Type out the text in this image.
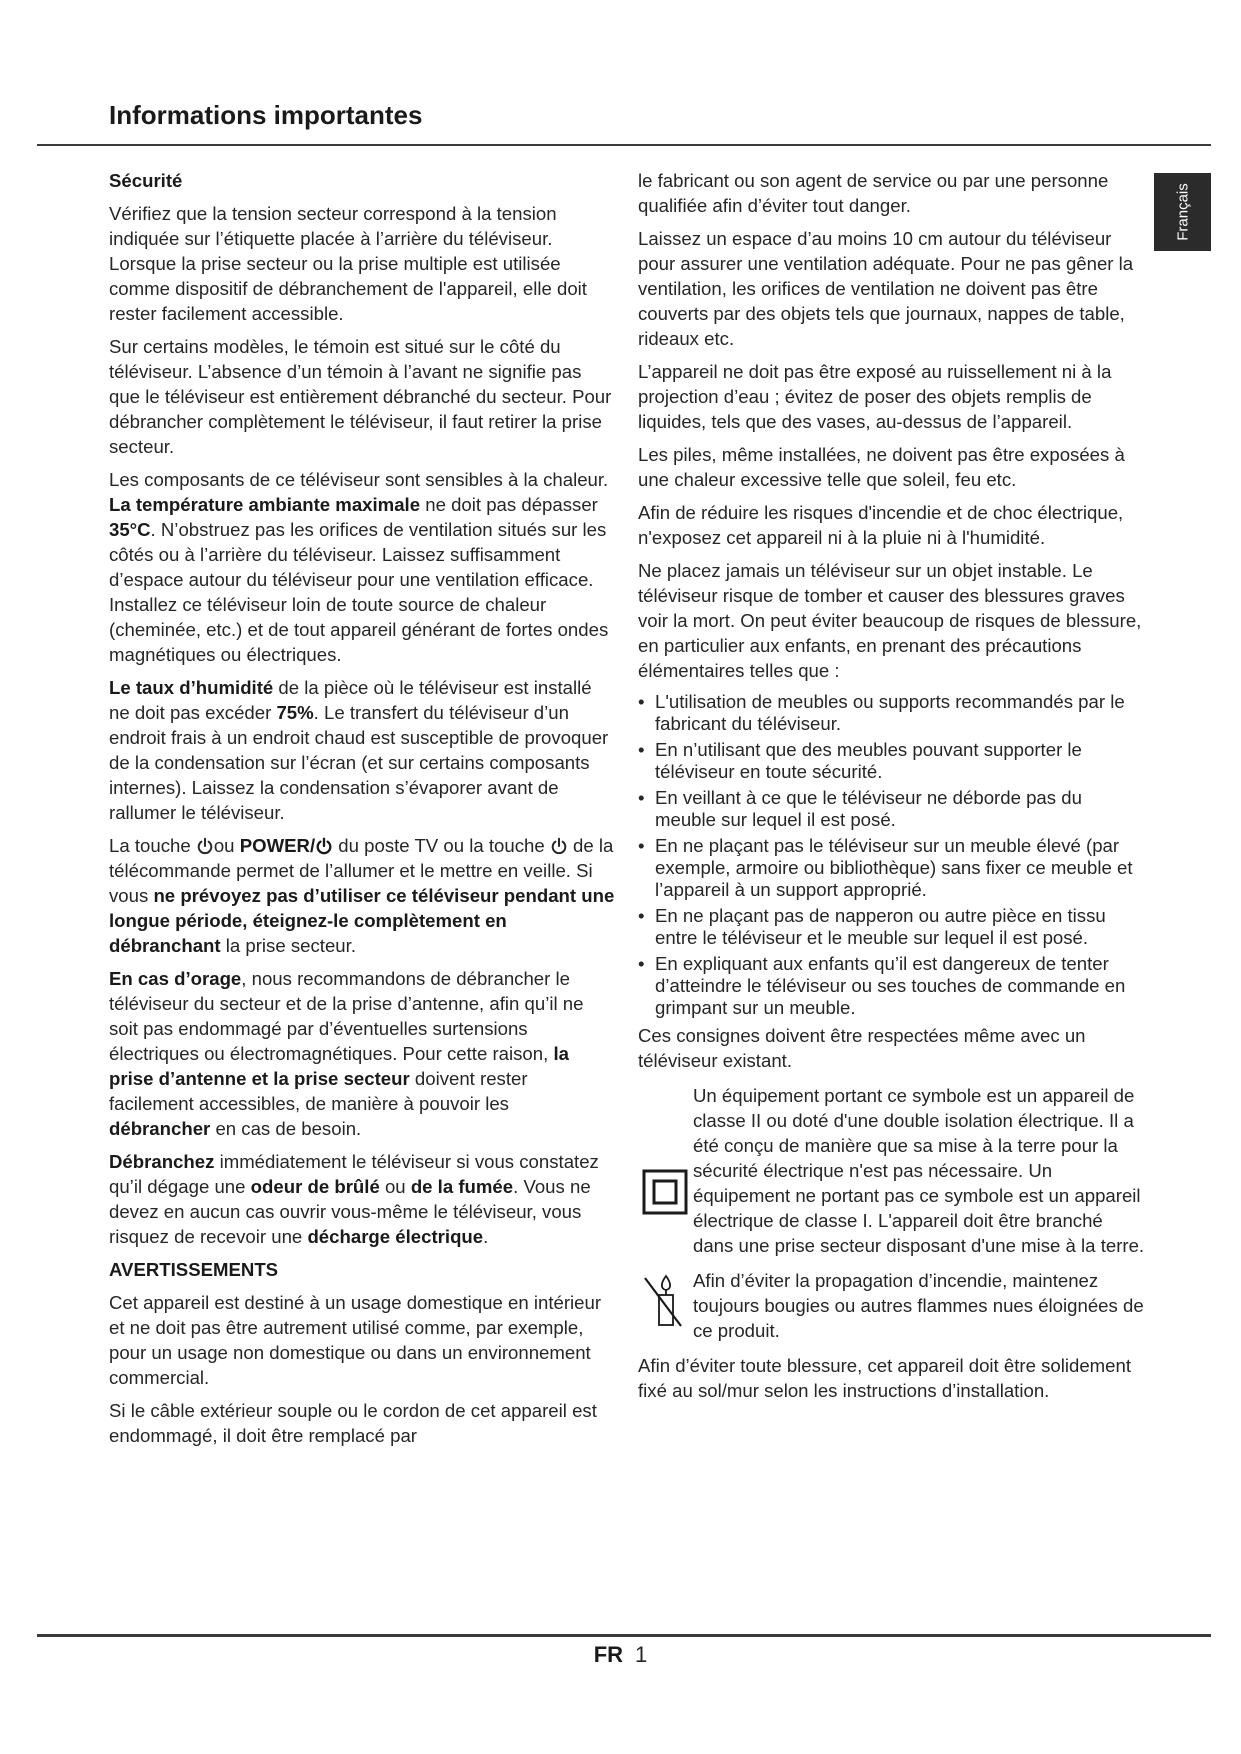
Informations importantes
Français
Sécurité

Vérifiez que la tension secteur correspond à la tension indiquée sur l’étiquette placée à l’arrière du téléviseur. Lorsque la prise secteur ou la prise multiple est utilisée comme dispositif de débranchement de l'appareil, elle doit rester facilement accessible.

Sur certains modèles, le témoin est situé sur le côté du téléviseur. L’absence d’un témoin à l’avant ne signifie pas que le téléviseur est entièrement débranché du secteur. Pour débrancher complètement le téléviseur, il faut retirer la prise secteur.

Les composants de ce téléviseur sont sensibles à la chaleur. La température ambiante maximale ne doit pas dépasser 35°C. N’obstruez pas les orifices de ventilation situés sur les côtés ou à l’arrière du téléviseur. Laissez suffisamment d’espace autour du téléviseur pour une ventilation efficace. Installez ce téléviseur loin de toute source de chaleur (cheminée, etc.) et de tout appareil générant de fortes ondes magnétiques ou électriques.

Le taux d’humidité de la pièce où le téléviseur est installé ne doit pas excéder 75%. Le transfert du téléviseur d’un endroit frais à un endroit chaud est susceptible de provoquer de la condensation sur l’écran (et sur certains composants internes). Laissez la condensation s’évaporer avant de rallumer le téléviseur.

La touche ou POWER/ du poste TV ou la touche  de la télécommande permet de l’allumer et le mettre en veille. Si vous ne prévoyez pas d’utiliser ce téléviseur pendant une longue période, éteignez-le complètement en débranchant la prise secteur.

En cas d’orage, nous recommandons de débrancher le téléviseur du secteur et de la prise d’antenne, afin qu’il ne soit pas endommagé par d’éventuelles surtensions électriques ou électromagnétiques. Pour cette raison, la prise d’antenne et la prise secteur doivent rester facilement accessibles, de manière à pouvoir les débrancher en cas de besoin.

Débranchez immédiatement le téléviseur si vous constatez qu’il dégage une odeur de brûlé ou de la fumée. Vous ne devez en aucun cas ouvrir vous-même le téléviseur, vous risquez de recevoir une décharge électrique.

AVERTISSEMENTS

Cet appareil est destiné à un usage domestique en intérieur et ne doit pas être autrement utilisé comme, par exemple, pour un usage non domestique ou dans un environnement commercial.

Si le câble extérieur souple ou le cordon de cet appareil est endommagé, il doit être remplacé par

le fabricant ou son agent de service ou par une personne qualifiée afin d’éviter tout danger.

Laissez un espace d’au moins 10 cm autour du téléviseur pour assurer une ventilation adéquate. Pour ne pas gêner la ventilation, les orifices de ventilation ne doivent pas être couverts par des objets tels que journaux, nappes de table, rideaux etc.

L’appareil ne doit pas être exposé au ruissellement ni à la projection d’eau ; évitez de poser des objets remplis de liquides, tels que des vases, au-dessus de l’appareil.

Les piles, même installées, ne doivent pas être exposées à une chaleur excessive telle que soleil, feu etc.

Afin de réduire les risques d'incendie et de choc électrique, n'exposez cet appareil ni à la pluie ni à l'humidité.

Ne placez jamais un téléviseur sur un objet instable. Le téléviseur risque de tomber et causer des blessures graves voir la mort. On peut éviter beaucoup de risques de blessure, en particulier aux enfants, en prenant des précautions élémentaires telles que :

• L'utilisation de meubles ou supports recommandés par le fabricant du téléviseur.
• En n’utilisant que des meubles pouvant supporter le téléviseur en toute sécurité.
• En veillant à ce que le téléviseur ne déborde pas du meuble sur lequel il est posé.
• En ne plaçant pas le téléviseur sur un meuble élevé (par exemple, armoire ou bibliothèque) sans fixer ce meuble et l’appareil à un support approprié.
• En ne plaçant pas de napperon ou autre pièce en tissu entre le téléviseur et le meuble sur lequel il est posé.
• En expliquant aux enfants qu’il est dangereux de tenter d’atteindre le téléviseur ou ses touches de commande en grimpant sur un meuble.

Ces consignes doivent être respectées même avec un téléviseur existant.

Un équipement portant ce symbole est un appareil de classe II ou doté d'une double isolation électrique. Il a été conçu de manière que sa mise à la terre pour la sécurité électrique n'est pas nécessaire. Un équipement ne portant pas ce symbole est un appareil électrique de classe I. L'appareil doit être branché dans une prise secteur disposant d'une mise à la terre.

Afin d’éviter la propagation d’incendie, maintenez toujours bougies ou autres flammes nues éloignées de ce produit.

Afin d’éviter toute blessure, cet appareil doit être solidement fixé au sol/mur selon les instructions d’installation.

FR 1
